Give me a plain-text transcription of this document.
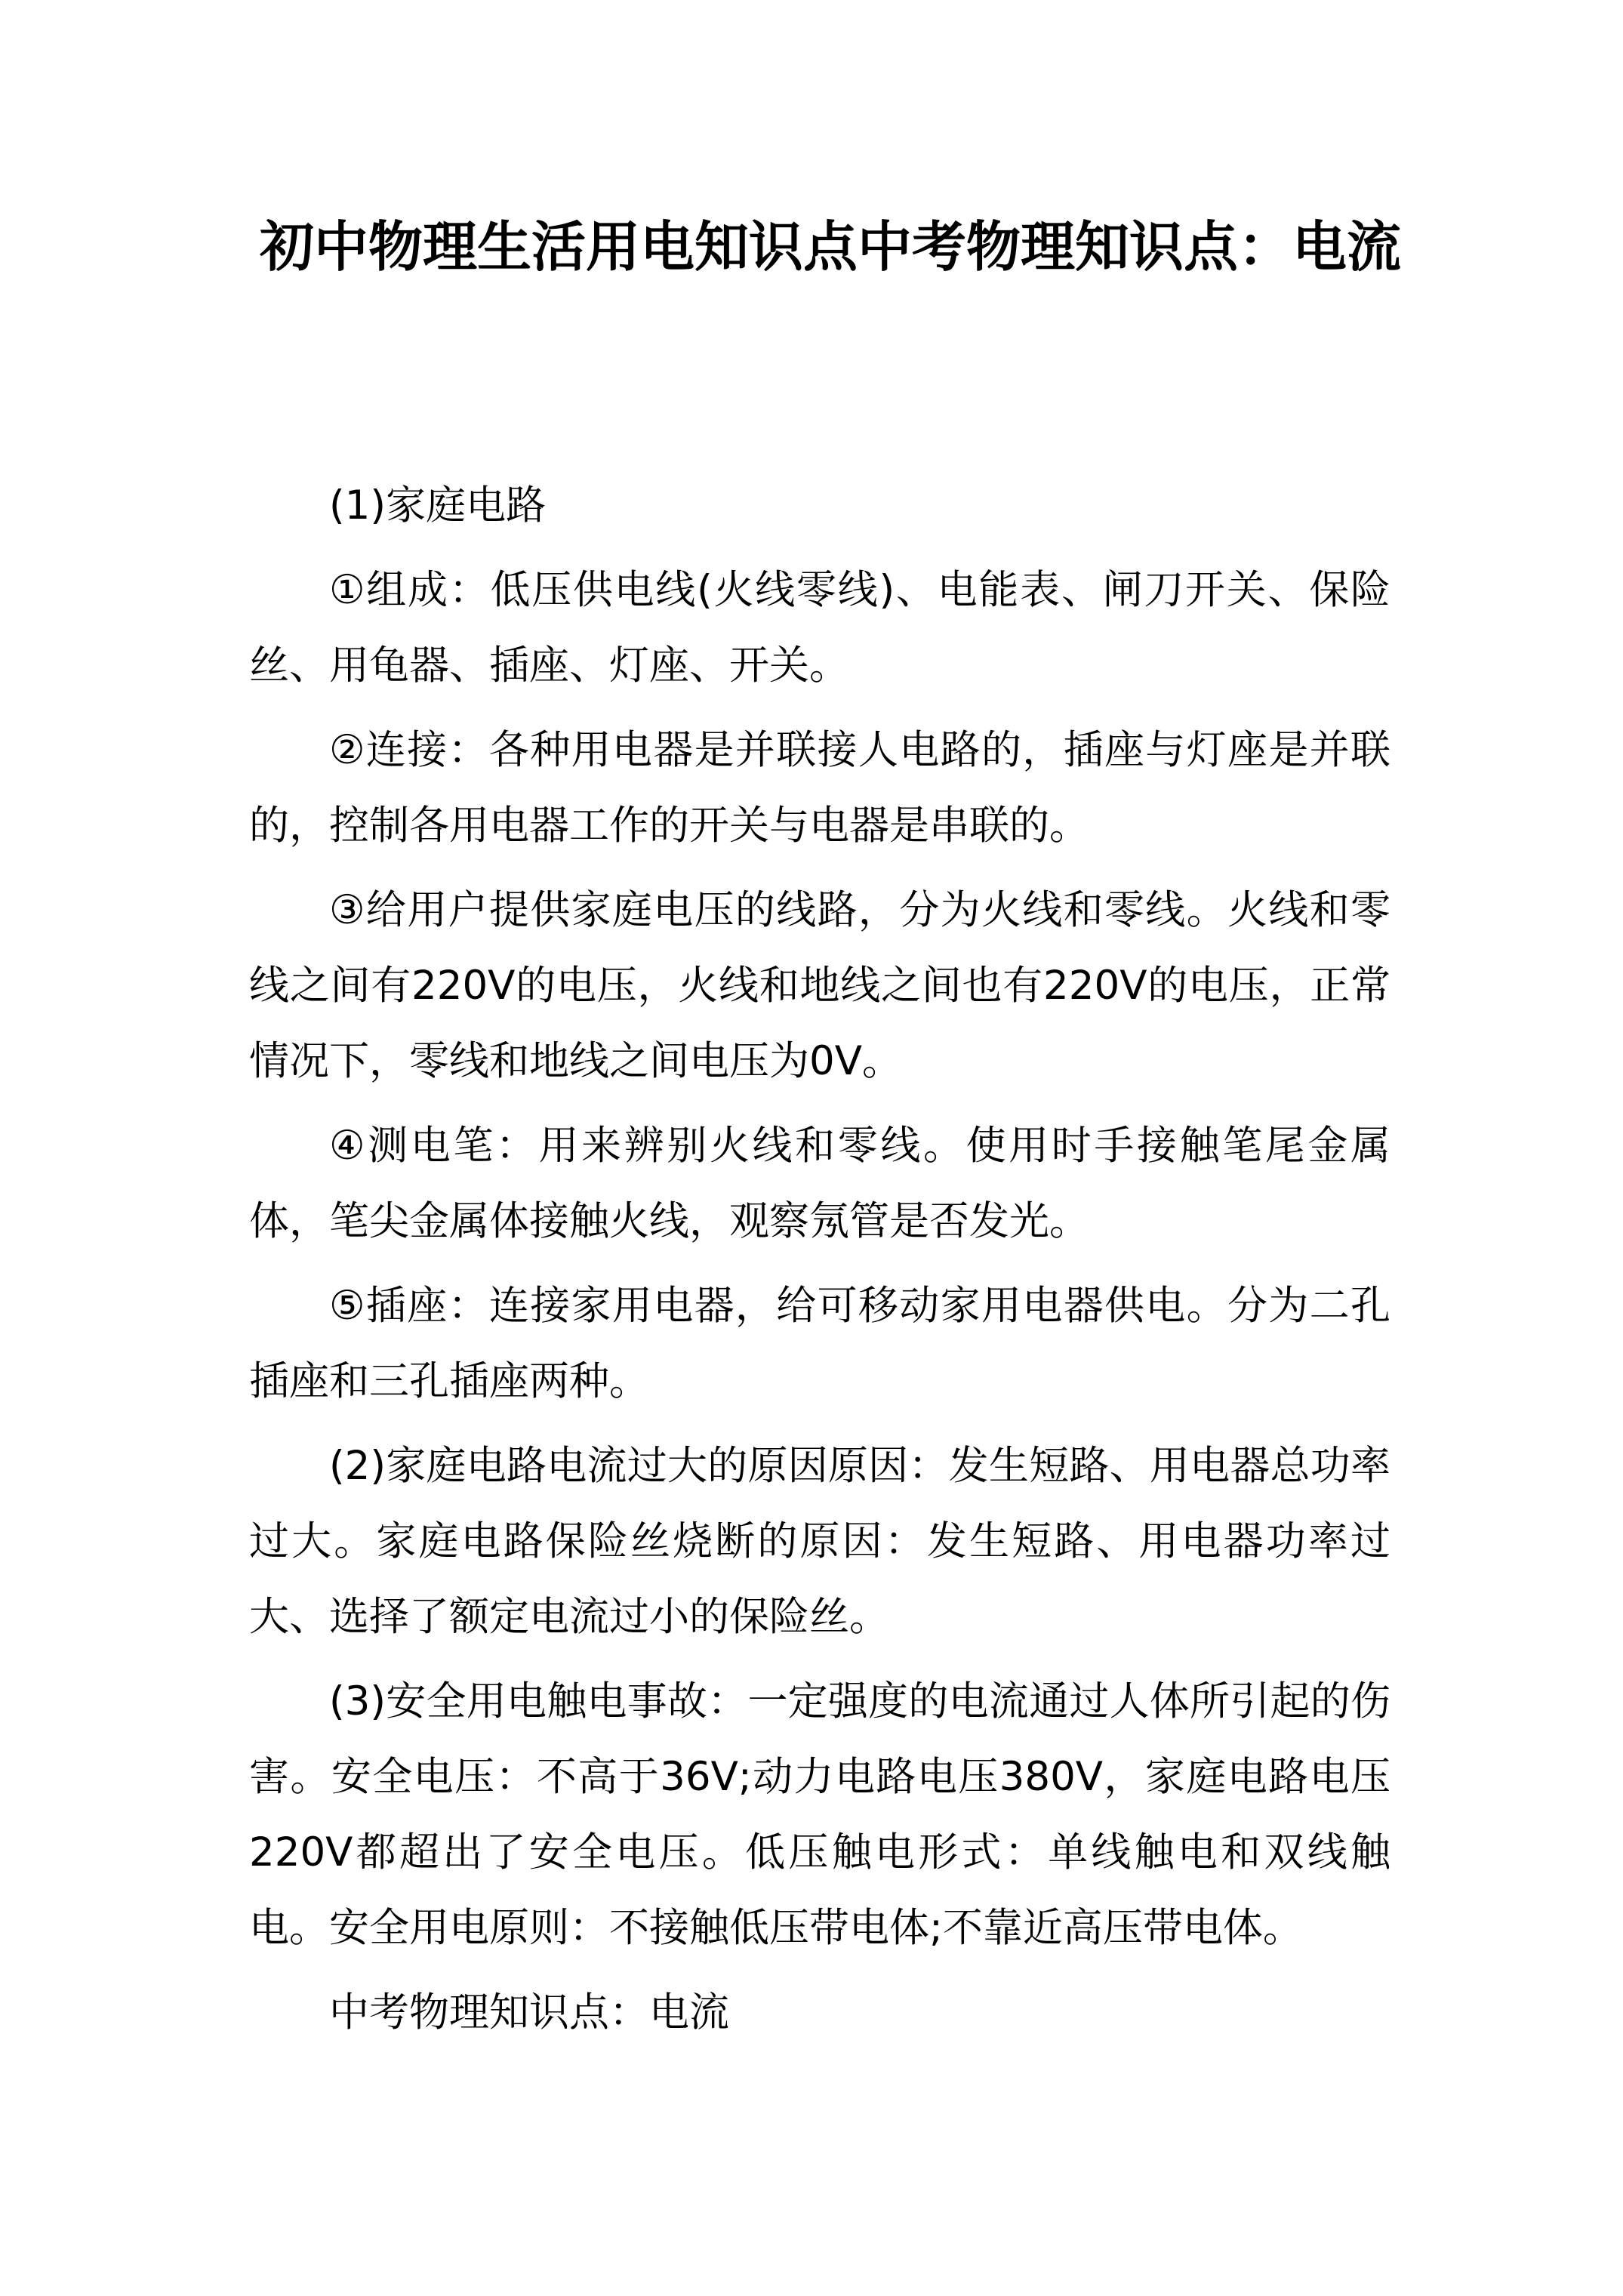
初中物理生活用电知识点中考物理知识点：电流

(1)家庭电路

①组成：低压供电线(火线零线)、电能表、闸刀开关、保险丝、用龟器、插座、灯座、开关。

②连接：各种用电器是并联接人电路的，插座与灯座是并联的，控制各用电器工作的开关与电器是串联的。

③给用户提供家庭电压的线路，分为火线和零线。火线和零线之间有220V的电压，火线和地线之间也有220V的电压，正常情况下，零线和地线之间电压为0V。

④测电笔：用来辨别火线和零线。使用时手接触笔尾金属体，笔尖金属体接触火线，观察氖管是否发光。

⑤插座：连接家用电器，给可移动家用电器供电。分为二孔插座和三孔插座两种。

(2)家庭电路电流过大的原因原因：发生短路、用电器总功率过大。家庭电路保险丝烧断的原因：发生短路、用电器功率过大、选择了额定电流过小的保险丝。

(3)安全用电触电事故：一定强度的电流通过人体所引起的伤害。安全电压：不高于36V;动力电路电压380V，家庭电路电压220V都超出了安全电压。低压触电形式：单线触电和双线触电。安全用电原则：不接触低压带电体;不靠近高压带电体。

中考物理知识点：电流
